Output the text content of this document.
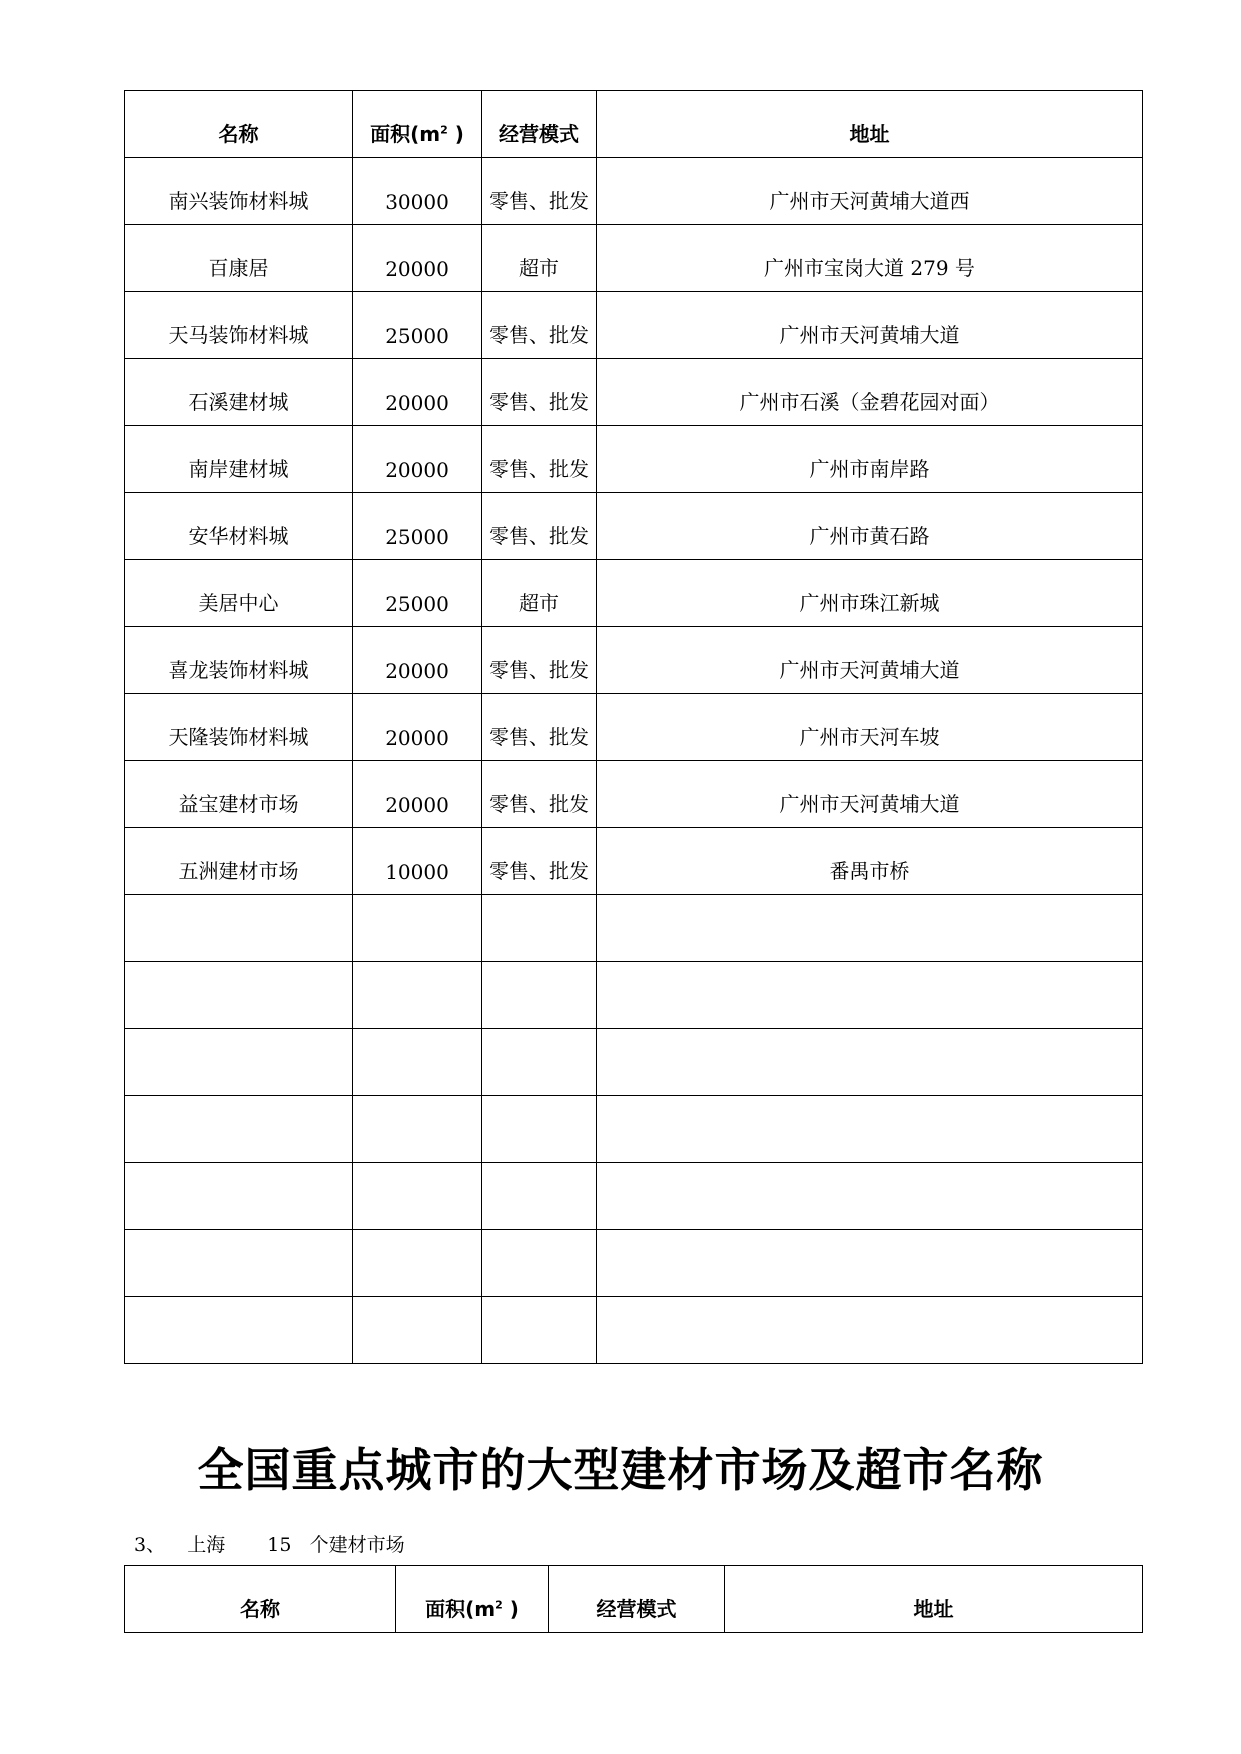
名称	面积($m^2$ )	经营模式	地址
南兴装饰材料城	30000	零售、批发	广州市天河黄埔大道西
百康居	20000	超市	广州市宝岗大道 279 号
天马装饰材料城	25000	零售、批发	广州市天河黄埔大道
石溪建材城	20000	零售、批发	广州市石溪（金碧花园对面）
南岸建材城	20000	零售、批发	广州市南岸路
安华材料城	25000	零售、批发	广州市黄石路
美居中心	25000	超市	广州市珠江新城
喜龙装饰材料城	20000	零售、批发	广州市天河黄埔大道
天隆装饰材料城	20000	零售、批发	广州市天河车坡
益宝建材市场	20000	零售、批发	广州市天河黄埔大道
五洲建材市场	10000	零售、批发	番禺市桥

全国重点城市的大型建材市场及超市名称

3、 上海 15 个建材市场

名称	面积($m^2$ )	经营模式	地址
